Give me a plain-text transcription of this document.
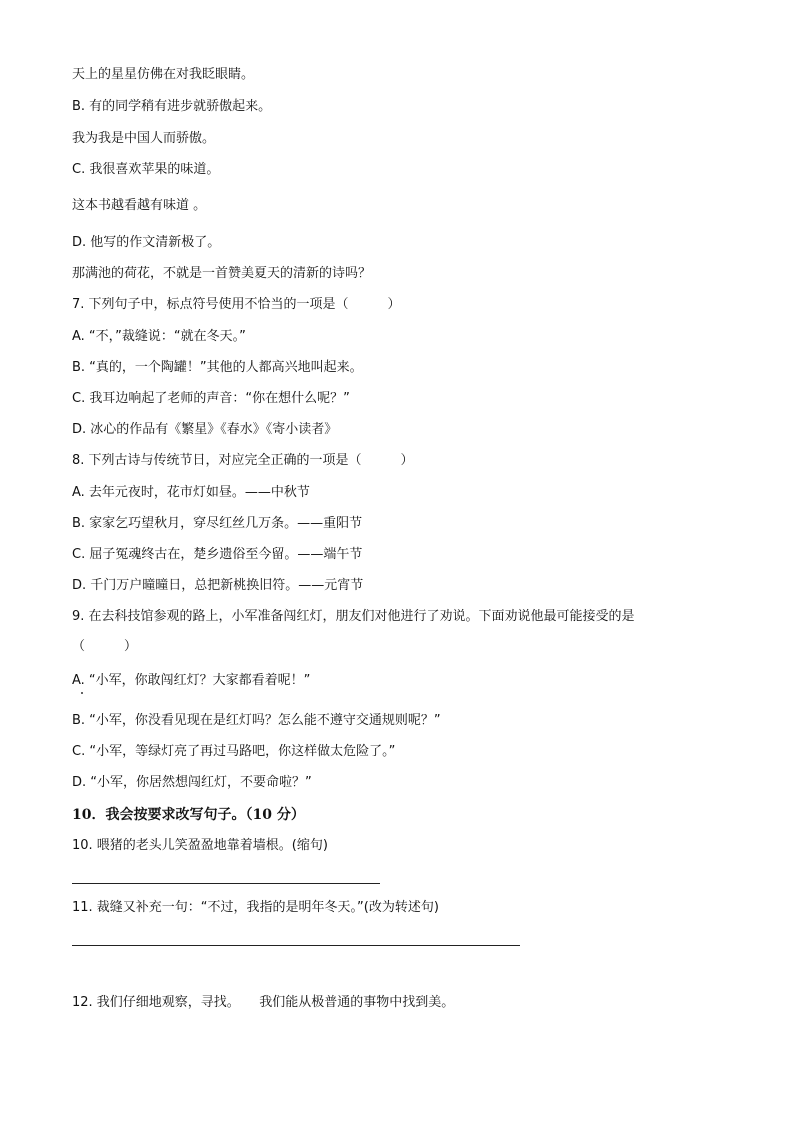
天上的星星仿佛在对我眨眼睛。
B. 有的同学稍有进步就骄傲起来。
我为我是中国人而骄傲。
C. 我很喜欢苹果的味道。
这本书越看越有味道 。
D. 他写的作文清新极了。
那满池的荷花，不就是一首赞美夏天的清新的诗吗？
7. 下列句子中，标点符号使用不恰当的一项是（　　　）
A. “不，”裁缝说：“就在冬天。”
B. “真的，一个陶罐！”其他的人都高兴地叫起来。
C. 我耳边响起了老师的声音：“你在想什么呢？”
D. 冰心的作品有《繁星》《春水》《寄小读者》
8. 下列古诗与传统节日，对应完全正确的一项是（　　　）
A. 去年元夜时，花市灯如昼。——中秋节
B. 家家乞巧望秋月，穿尽红丝几万条。——重阳节
C. 屈子冤魂终古在，楚乡遗俗至今留。——端午节
D. 千门万户曈曈日，总把新桃换旧符。——元宵节
9. 在去科技馆参观的路上，小军准备闯红灯，朋友们对他进行了劝说。下面劝说他最可能接受的是
（　　　）
A. “小军，你敢闯红灯？大家都看着呢！”
B. “小军，你没看见现在是红灯吗？怎么能不遵守交通规则呢？”
C. “小军，等绿灯亮了再过马路吧，你这样做太危险了。”
D. “小军，你居然想闯红灯，不要命啦？”
10．我会按要求改写句子。（10 分）
10. 喂猪的老头儿笑盈盈地靠着墙根。(缩句)
11. 裁缝又补充一句：“不过，我指的是明年冬天。”(改为转述句)
12. 我们仔细地观察，寻找。　　我们能从极普通的事物中找到美。
